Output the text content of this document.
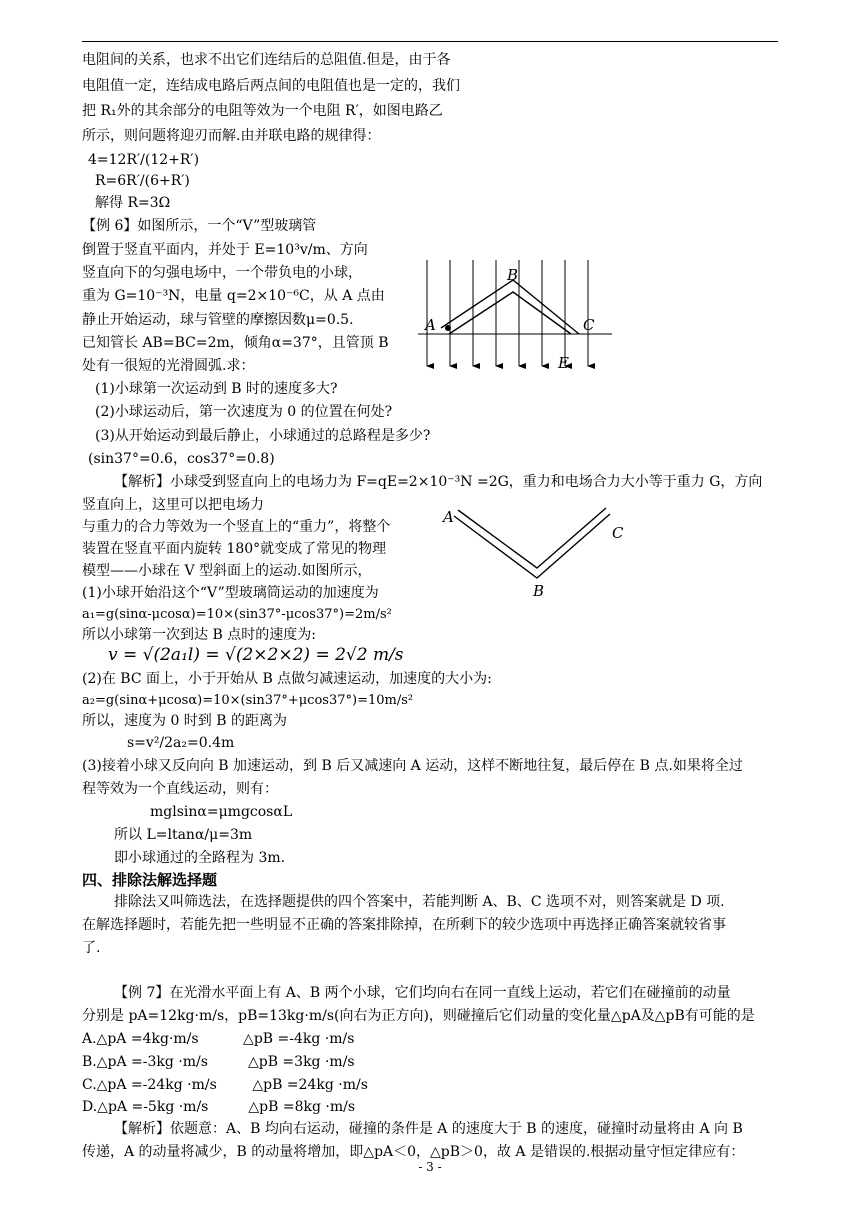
电阻间的关系，也求不出它们连结后的总阻值.但是，由于各
电阻值一定，连结成电路后两点间的电阻值也是一定的，我们
把 R₁外的其余部分的电阻等效为一个电阻 R′，如图电路乙
所示，则问题将迎刃而解.由并联电路的规律得：
4=12R′/(12+R′)
R=6R′/(6+R′)
解得 R=3Ω
【例 6】如图所示，一个“V”型玻璃管
倒置于竖直平面内，并处于 E=10³v/m、方向
竖直向下的匀强电场中，一个带负电的小球，
重为 G=10⁻³N，电量 q=2×10⁻⁶C，从 A 点由
静止开始运动，球与管壁的摩擦因数μ=0.5.
已知管长 AB=BC=2m，倾角α=37°，且管顶 B
处有一很短的光滑圆弧.求：
(1)小球第一次运动到 B 时的速度多大?
(2)小球运动后，第一次速度为 0 的位置在何处?
(3)从开始运动到最后静止，小球通过的总路程是多少?
(sin37°=0.6，cos37°=0.8)
【解析】小球受到竖直向上的电场力为 F=qE=2×10⁻³N =2G，重力和电场合力大小等于重力 G，方向
竖直向上，这里可以把电场力
与重力的合力等效为一个竖直上的“重力”，将整个
装置在竖直平面内旋转 180°就变成了常见的物理
模型——小球在 V 型斜面上的运动.如图所示，
(1)小球开始沿这个“V”型玻璃筒运动的加速度为
a₁=g(sinα-μcosα)=10×(sin37°-μcos37°)=2m/s²
所以小球第一次到达 B 点时的速度为:
v = √(2a₁l) = √(2×2×2) = 2√2 m/s
(2)在 BC 面上，小于开始从 B 点做匀减速运动，加速度的大小为:
a₂=g(sinα+μcosα)=10×(sin37°+μcos37°)=10m/s²
所以，速度为 0 时到 B 的距离为
s=v²/2a₂=0.4m
(3)接着小球又反向向 B 加速运动，到 B 后又减速向 A 运动，这样不断地往复，最后停在 B 点.如果将全过
程等效为一个直线运动，则有：
mglsinα=μmgcosαL
所以 L=ltanα/μ=3m
即小球通过的全路程为 3m.
四、排除法解选择题
排除法又叫筛选法，在选择题提供的四个答案中，若能判断 A、B、C 选项不对，则答案就是 D 项.
在解选择题时，若能先把一些明显不正确的答案排除掉，在所剩下的较少选项中再选择正确答案就较省事
了.
【例 7】在光滑水平面上有 A、B 两个小球，它们均向右在同一直线上运动，若它们在碰撞前的动量
分别是 pA=12kg·m/s，pB=13kg·m/s(向右为正方向)，则碰撞后它们动量的变化量△pA及△pB有可能的是
A.△pA =4kg·m/s          △pB =-4kg ·m/s
B.△pA =-3kg ·m/s         △pB =3kg ·m/s
C.△pA =-24kg ·m/s        △pB =24kg ·m/s
D.△pA =-5kg ·m/s         △pB =8kg ·m/s
【解析】依题意：A、B 均向右运动，碰撞的条件是 A 的速度大于 B 的速度，碰撞时动量将由 A 向 B
传递，A 的动量将减少，B 的动量将增加，即△pA＜0，△pB＞0，故 A 是错误的.根据动量守恒定律应有：
A
B
C
E
A
C
B
- 3 -
